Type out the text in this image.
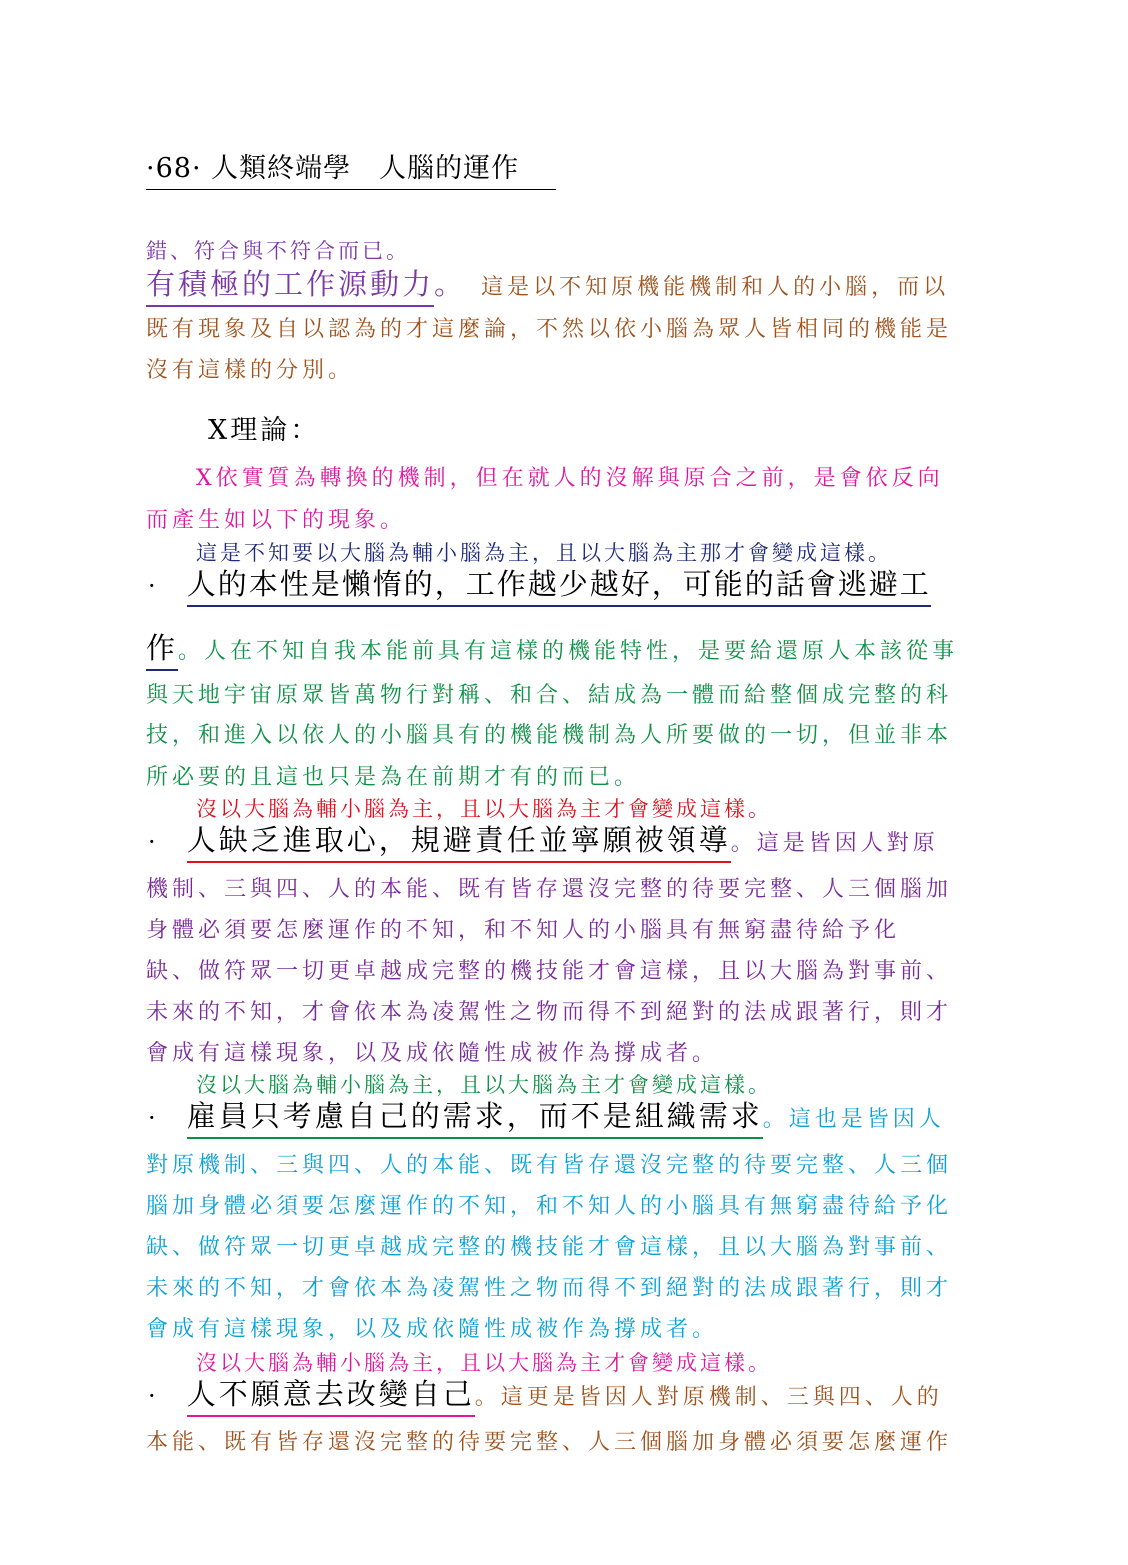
·68· 人類終端學　人腦的運作
錯、符合與不符合而已。
有積極的工作源動力。 這是以不知原機能機制和人的小腦，而以
既有現象及自以認為的才這麼論，不然以依小腦為眾人皆相同的機能是
沒有這樣的分別。
X理論：
X依實質為轉換的機制，但在就人的沒解與原合之前，是會依反向
而產生如以下的現象。
這是不知要以大腦為輔小腦為主，且以大腦為主那才會變成這樣。
· 人的本性是懶惰的，工作越少越好，可能的話會逃避工
作。人在不知自我本能前具有這樣的機能特性，是要給還原人本該從事
與天地宇宙原眾皆萬物行對稱、和合、結成為一體而給整個成完整的科
技，和進入以依人的小腦具有的機能機制為人所要做的一切，但並非本
所必要的且這也只是為在前期才有的而已。
沒以大腦為輔小腦為主，且以大腦為主才會變成這樣。
· 人缺乏進取心，規避責任並寧願被領導。這是皆因人對原
機制、三與四、人的本能、既有皆存還沒完整的待要完整、人三個腦加
身體必須要怎麼運作的不知，和不知人的小腦具有無窮盡待給予化
缺、做符眾一切更卓越成完整的機技能才會這樣，且以大腦為對事前、
未來的不知，才會依本為凌駕性之物而得不到絕對的法成跟著行，則才
會成有這樣現象，以及成依隨性成被作為撐成者。
沒以大腦為輔小腦為主，且以大腦為主才會變成這樣。
· 雇員只考慮自己的需求，而不是組織需求。這也是皆因人
對原機制、三與四、人的本能、既有皆存還沒完整的待要完整、人三個
腦加身體必須要怎麼運作的不知，和不知人的小腦具有無窮盡待給予化
缺、做符眾一切更卓越成完整的機技能才會這樣，且以大腦為對事前、
未來的不知，才會依本為凌駕性之物而得不到絕對的法成跟著行，則才
會成有這樣現象，以及成依隨性成被作為撐成者。
沒以大腦為輔小腦為主，且以大腦為主才會變成這樣。
· 人不願意去改變自己。這更是皆因人對原機制、三與四、人的
本能、既有皆存還沒完整的待要完整、人三個腦加身體必須要怎麼運作
